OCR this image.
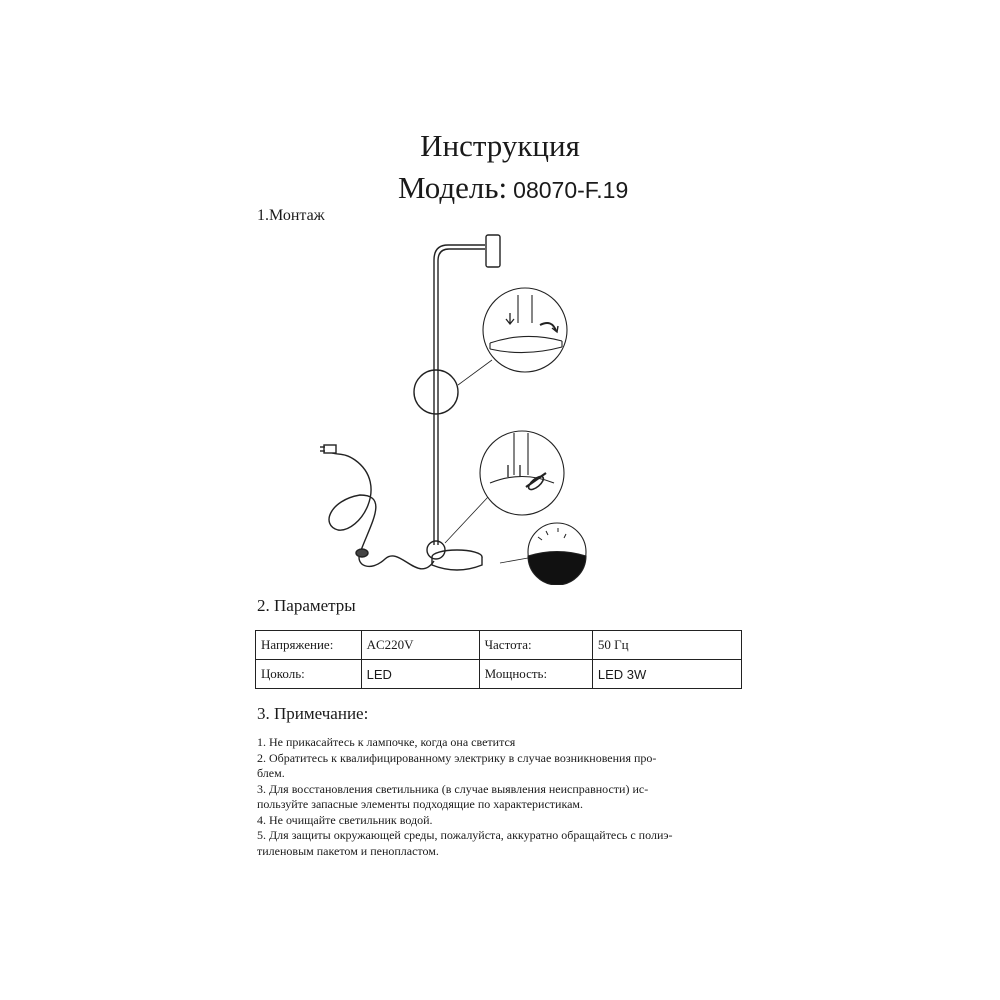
Инструкция
Модель: 08070-F.19
1.Монтаж
2. Параметры
Напряжение:	AC220V	Частота:	50 Гц
Цоколь:	LED	Мощность:	LED 3W
3. Примечание:
1. Не прикасайтесь к лампочке, когда она светится
2. Обратитесь к квалифицированному электрику в случае возникновения про-
блем.
3. Для восстановления светильника (в случае выявления неисправности) ис-
пользуйте запасные элементы подходящие по характеристикам.
4. Не очищайте светильник водой.
5. Для защиты окружающей среды, пожалуйста, аккуратно обращайтесь с полиэ-
тиленовым пакетом и пенопластом.
